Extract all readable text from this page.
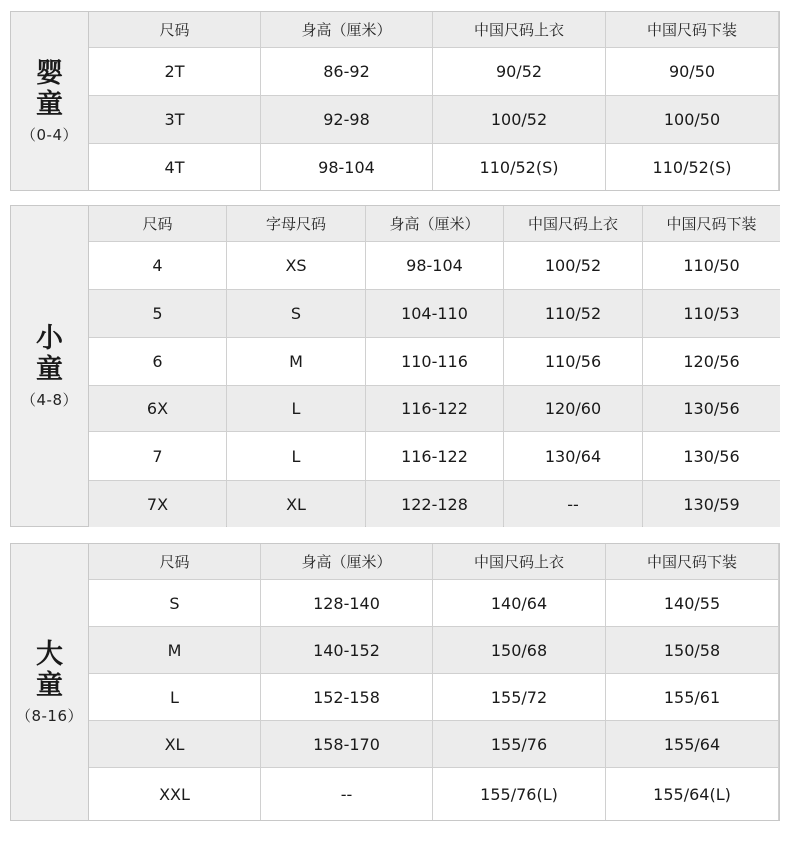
婴
童
（0-4）
尺码	身高（厘米）	中国尺码上衣	中国尺码下装
2T	86-92	90/52	90/50
3T	92-98	100/52	100/50
4T	98-104	110/52(S)	110/52(S)
小
童
（4-8）
尺码	字母尺码	身高（厘米）	中国尺码上衣	中国尺码下装
4	XS	98-104	100/52	110/50
5	S	104-110	110/52	110/53
6	M	110-116	110/56	120/56
6X	L	116-122	120/60	130/56
7	L	116-122	130/64	130/56
7X	XL	122-128	--	130/59
大
童
（8-16）
尺码	身高（厘米）	中国尺码上衣	中国尺码下装
S	128-140	140/64	140/55
M	140-152	150/68	150/58
L	152-158	155/72	155/61
XL	158-170	155/76	155/64
XXL	--	155/76(L)	155/64(L)
